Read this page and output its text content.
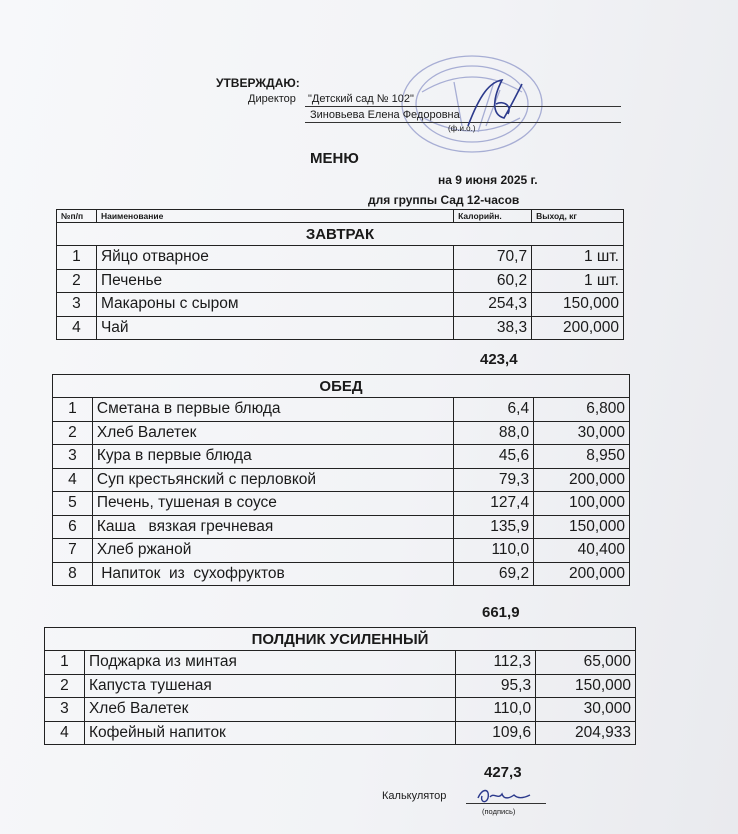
УТВЕРЖДАЮ:
Директор "Детский сад № 102"
Зиновьева Елена Федоровна
(ф.и.о.)
МЕНЮ
на 9 июня 2025 г.
для группы Сад 12-часов
№п/п	Наименование	Калорийн.	Выход, кг
ЗАВТРАК			
1	Яйцо отварное	70,7	1 шт.
2	Печенье	60,2	1 шт.
3	Макароны с сыром	254,3	150,000
4	Чай	38,3	200,000
423,4
ОБЕД			
1	Сметана в первые блюда	6,4	6,800
2	Хлеб Валетек	88,0	30,000
3	Кура в первые блюда	45,6	8,950
4	Суп крестьянский с перловкой	79,3	200,000
5	Печень, тушеная в соусе	127,4	100,000
6	Каша   вязкая гречневая	135,9	150,000
7	Хлеб ржаной	110,0	40,400
8	Напиток  из  сухофруктов	69,2	200,000
661,9
ПОЛДНИК УСИЛЕННЫЙ			
1	Поджарка из минтая	112,3	65,000
2	Капуста тушеная	95,3	150,000
3	Хлеб Валетек	110,0	30,000
4	Кофейный напиток	109,6	204,933
427,3
Калькулятор
(подпись)
